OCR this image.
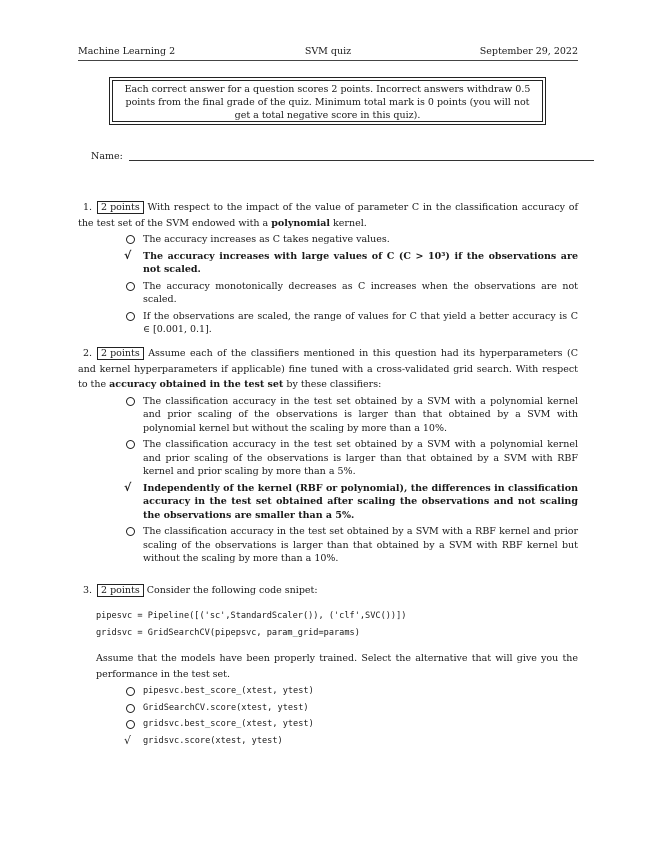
Machine Learning 2	SVM quiz	September 29, 2022
Each correct answer for a question scores 2 points. Incorrect answers withdraw 0.5 points from the final grade of the quiz. Minimum total mark is 0 points (you will not get a total negative score in this quiz).
Name:
1. 2 points With respect to the impact of the value of parameter C in the classification accuracy of the test set of the SVM endowed with a polynomial kernel.

The accuracy increases as C takes negative values.
√ The accuracy increases with large values of C (C > 10³) if the observations are not scaled.
The accuracy monotonically decreases as C increases when the observations are not scaled.
If the observations are scaled, the range of values for C that yield a better accuracy is C ∈ [0.001, 0.1].
2. 2 points Assume each of the classifiers mentioned in this question had its hyperparameters (C and kernel hyperparameters if applicable) fine tuned with a cross-validated grid search. With respect to the accuracy obtained in the test set by these classifiers:

The classification accuracy in the test set obtained by a SVM with a polynomial kernel and prior scaling of the observations is larger than that obtained by a SVM with polynomial kernel but without the scaling by more than a 10%.
The classification accuracy in the test set obtained by a SVM with a polynomial kernel and prior scaling of the observations is larger than that obtained by a SVM with RBF kernel and prior scaling by more than a 5%.
√ Independently of the kernel (RBF or polynomial), the differences in classification accuracy in the test set obtained after scaling the observations and not scaling the observations are smaller than a 5%.
The classification accuracy in the test set obtained by a SVM with a RBF kernel and prior scaling of the observations is larger than that obtained by a SVM with RBF kernel but without the scaling by more than a 10%.
3. 2 points Consider the following code snipet:

pipesvc = Pipeline([('sc',StandardScaler()), ('clf',SVC())])
gridsvc = GridSearchCV(pipepsvc, param_grid=params)
Assume that the models have been properly trained. Select the alternative that will give you the performance in the test set.
pipesvc.best_score_(xtest, ytest)
GridSearchCV.score(xtest, ytest)
gridsvc.best_score_(xtest, ytest)
√ gridsvc.score(xtest, ytest)
